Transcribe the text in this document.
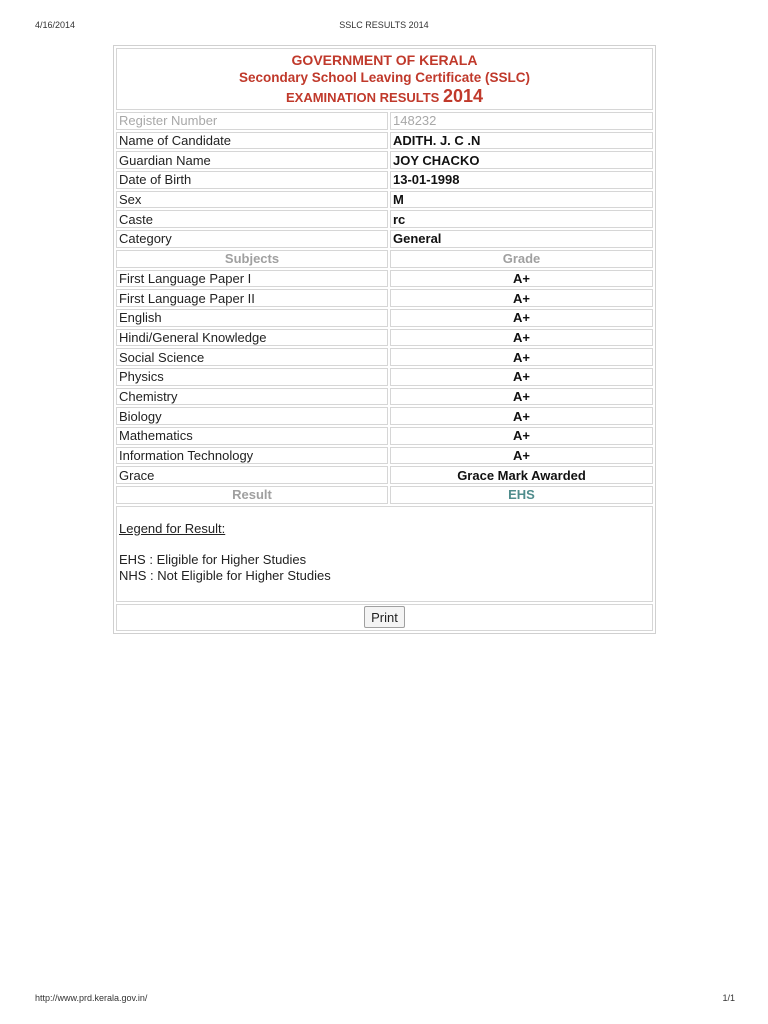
4/16/2014	SSLC RESULTS 2014
GOVERNMENT OF KERALA
Secondary School Leaving Certificate (SSLC)
EXAMINATION RESULTS 2014	

Register Number	148232
Name of Candidate	ADITH. J. C .N
Guardian Name	JOY CHACKO
Date of Birth	13-01-1998
Sex	M
Caste	rc
Category	General
Subjects	Grade
First Language Paper I	A+
First Language Paper II	A+
English	A+
Hindi/General Knowledge	A+
Social Science	A+
Physics	A+
Chemistry	A+
Biology	A+
Mathematics	A+
Information Technology	A+
Grace	Grace Mark Awarded
Result	EHS

Legend for Result:
EHS : Eligible for Higher Studies
NHS : Not Eligible for Higher Studies	

Print	
http://www.prd.kerala.gov.in/	1/1
